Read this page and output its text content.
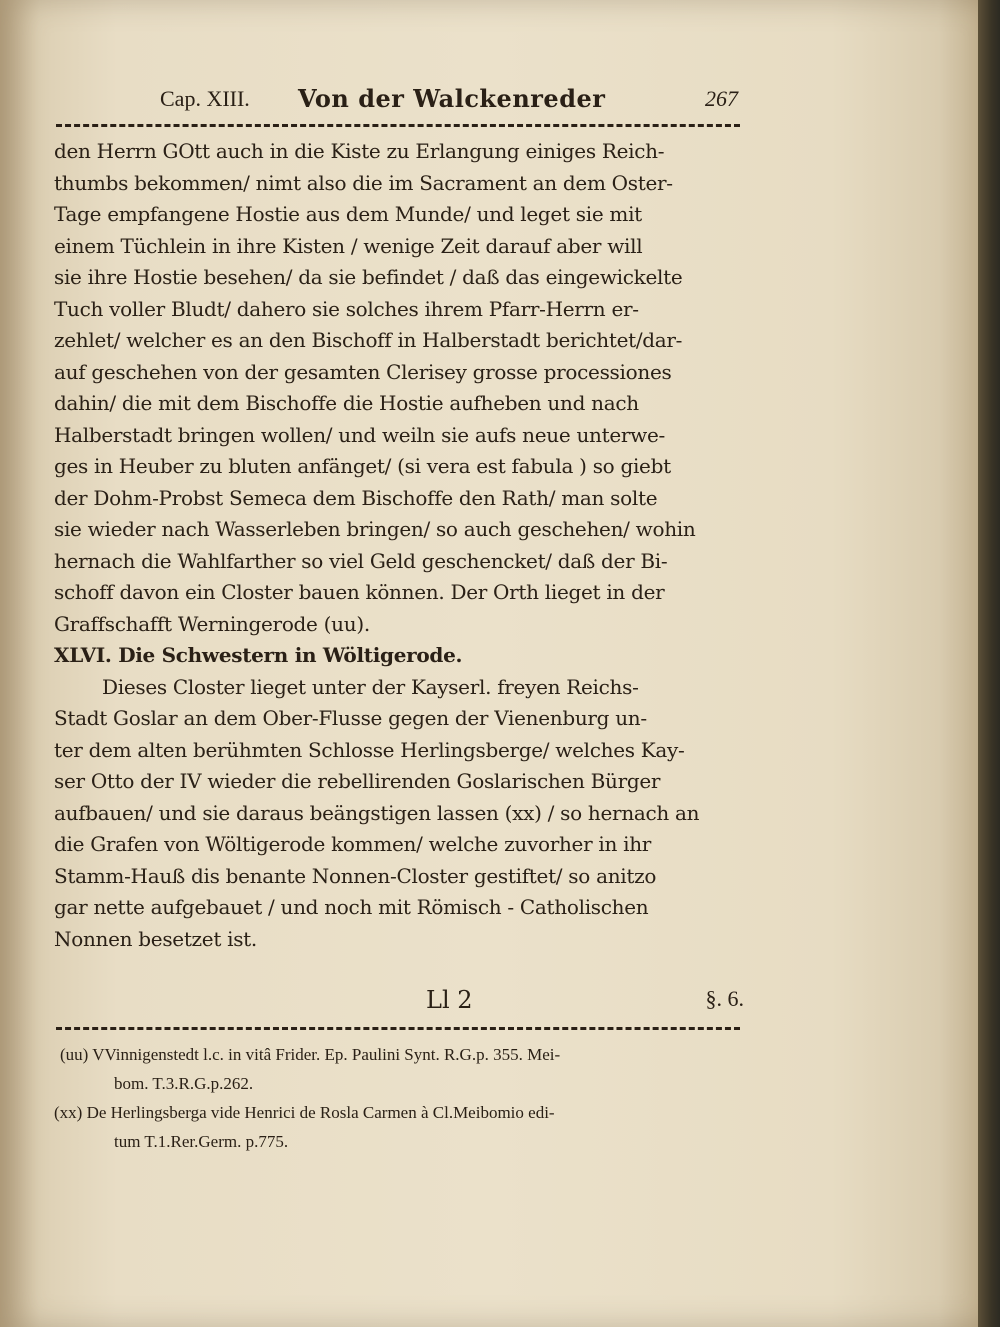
Cap. XIII. Von der Walckenreder	267
den Herrn GOtt auch in die Kiste zu Erlangung einiges Reich-
thumbs bekommen/ nimt also die im Sacrament an dem Oster-
Tage empfangene Hostie aus dem Munde/ und leget sie mit
einem Tüchlein in ihre Kisten / wenige Zeit darauf aber will
sie ihre Hostie besehen/ da sie befindet / daß das eingewickelte
Tuch voller Bludt/ dahero sie solches ihrem Pfarr-Herrn er-
zehlet/ welcher es an den Bischoff in Halberstadt berichtet/dar-
auf geschehen von der gesamten Clerisey grosse processiones
dahin/ die mit dem Bischoffe die Hostie aufheben und nach
Halberstadt bringen wollen/ und weiln sie aufs neue unterwe-
ges in Heuber zu bluten anfänget/ (si vera est fabula ) so giebt
der Dohm-Probst Semeca dem Bischoffe den Rath/ man solte
sie wieder nach Wasserleben bringen/ so auch geschehen/ wohin
hernach die Wahlfarther so viel Geld geschencket/ daß der Bi-
schoff davon ein Closter bauen können. Der Orth lieget in der
Graffschafft Werningerode (uu).
XLVI. Die Schwestern in Wöltigerode.
Dieses Closter lieget unter der Kayserl. freyen Reichs-
Stadt Goslar an dem Ober-Flusse gegen der Vienenburg un-
ter dem alten berühmten Schlosse Herlingsberge/ welches Kay-
ser Otto der IV wieder die rebellirenden Goslarischen Bürger
aufbauen/ und sie daraus beängstigen lassen (xx) / so hernach an
die Grafen von Wöltigerode kommen/ welche zuvorher in ihr
Stamm-Hauß dis benante Nonnen-Closter gestiftet/ so anitzo
gar nette aufgebauet / und noch mit Römisch - Catholischen
Nonnen besetzet ist.
Ll 2	§. 6.
(uu) VVinnigenstedt l.c. in vitâ Frider. Ep. Paulini Synt. R.G.p. 355. Mei-
bom. T.3.R.G.p.262.
(xx) De Herlingsberga vide Henrici de Rosla Carmen à Cl.Meibomio edi-
tum T.1.Rer.Germ. p.775.
